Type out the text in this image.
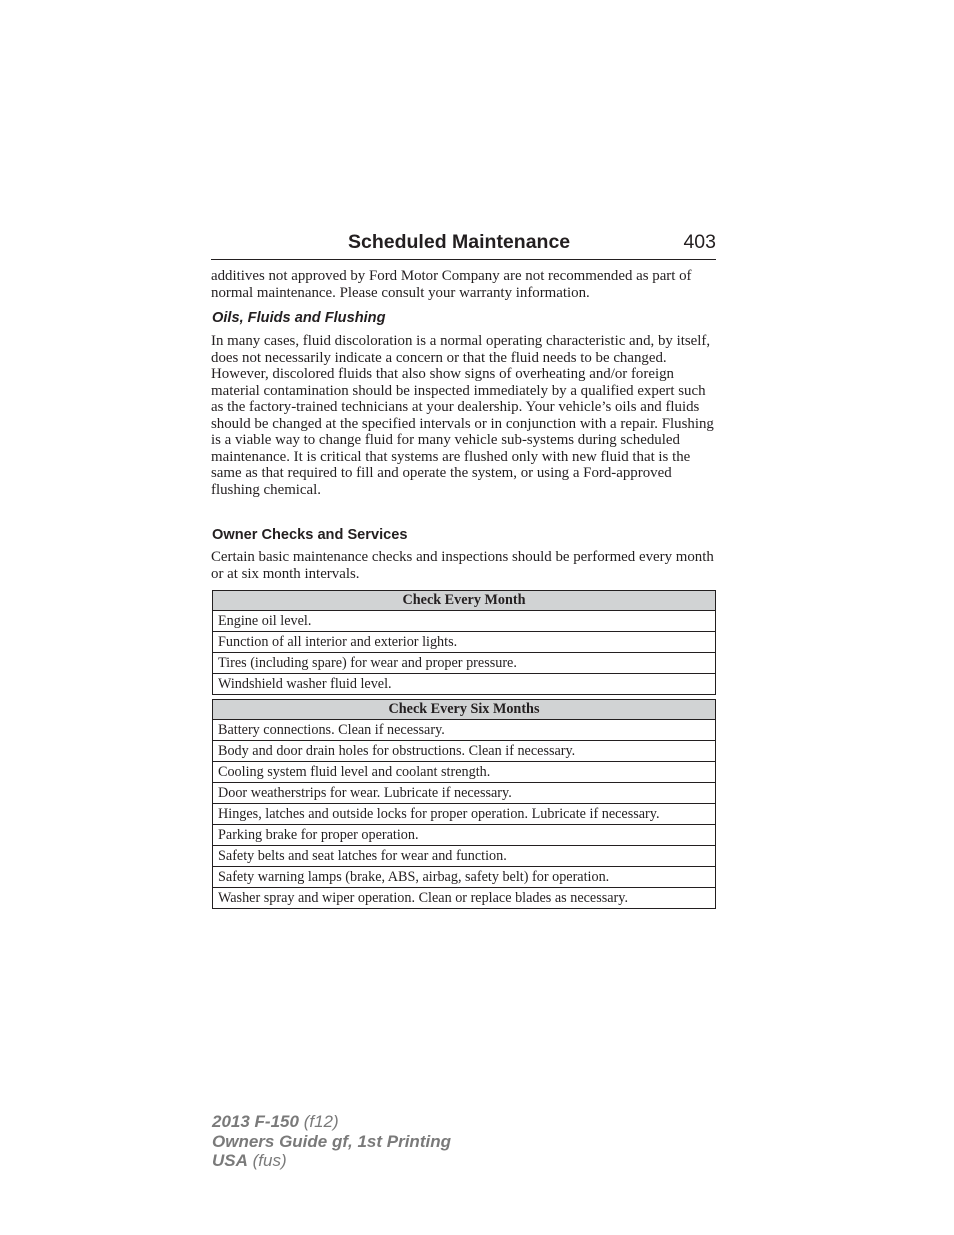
Scheduled Maintenance	403
additives not approved by Ford Motor Company are not recommended as part of normal maintenance. Please consult your warranty information.
Oils, Fluids and Flushing
In many cases, fluid discoloration is a normal operating characteristic and, by itself, does not necessarily indicate a concern or that the fluid needs to be changed. However, discolored fluids that also show signs of overheating and/or foreign material contamination should be inspected immediately by a qualified expert such as the factory-trained technicians at your dealership. Your vehicle’s oils and fluids should be changed at the specified intervals or in conjunction with a repair. Flushing is a viable way to change fluid for many vehicle sub-systems during scheduled maintenance. It is critical that systems are flushed only with new fluid that is the same as that required to fill and operate the system, or using a Ford-approved flushing chemical.
Owner Checks and Services
Certain basic maintenance checks and inspections should be performed every month or at six month intervals.
Check Every Month
Engine oil level.
Function of all interior and exterior lights.
Tires (including spare) for wear and proper pressure.
Windshield washer fluid level.
Check Every Six Months
Battery connections. Clean if necessary.
Body and door drain holes for obstructions. Clean if necessary.
Cooling system fluid level and coolant strength.
Door weatherstrips for wear. Lubricate if necessary.
Hinges, latches and outside locks for proper operation. Lubricate if necessary.
Parking brake for proper operation.
Safety belts and seat latches for wear and function.
Safety warning lamps (brake, ABS, airbag, safety belt) for operation.
Washer spray and wiper operation. Clean or replace blades as necessary.
2013 F-150 (f12)
Owners Guide gf, 1st Printing
USA (fus)
